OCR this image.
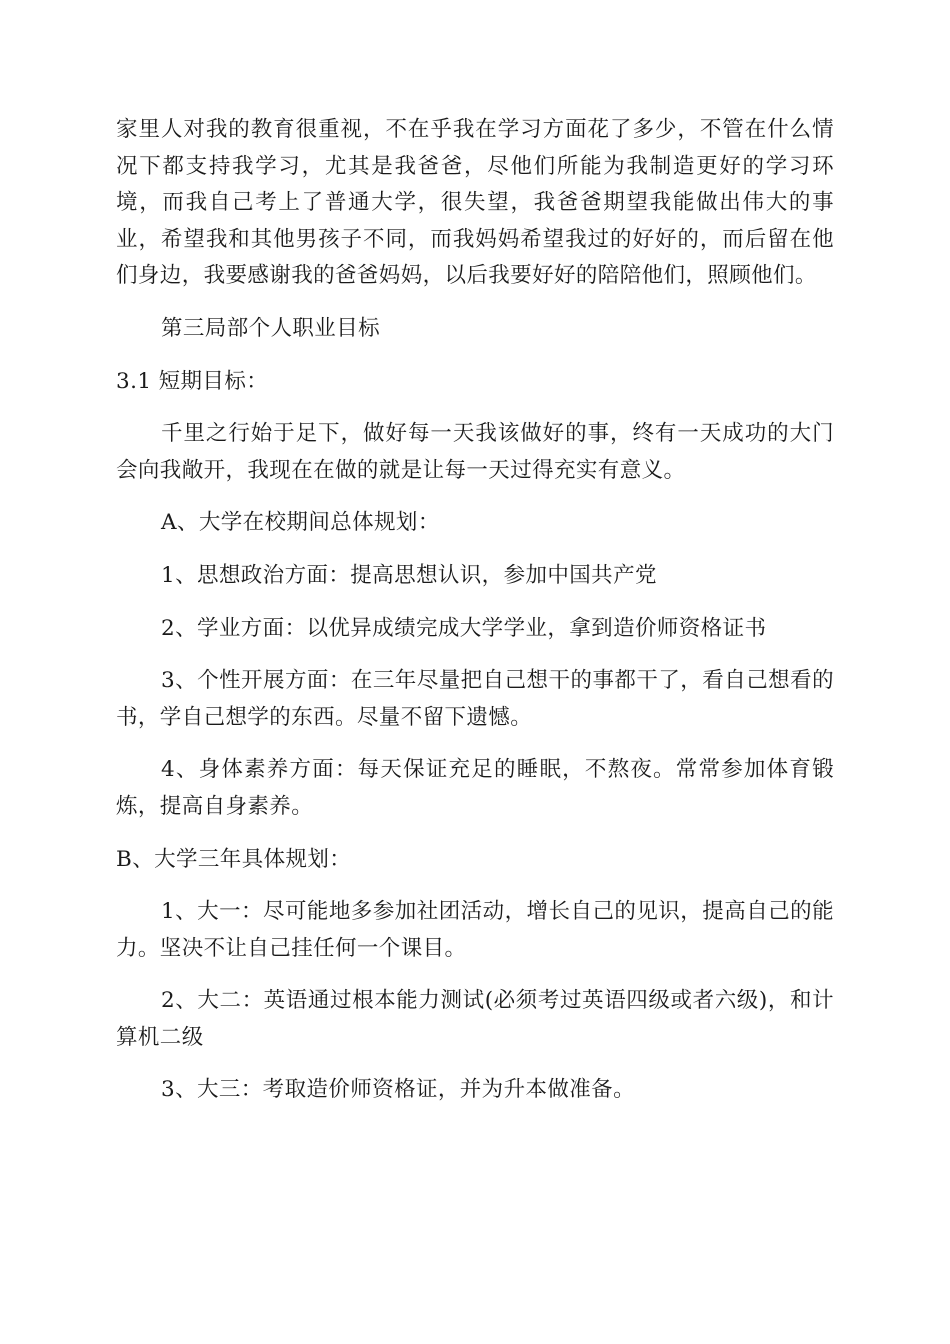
家里人对我的教育很重视，不在乎我在学习方面花了多少，不管在什么情况下都支持我学习，尤其是我爸爸，尽他们所能为我制造更好的学习环境，而我自己考上了普通大学，很失望，我爸爸期望我能做出伟大的事业，希望我和其他男孩子不同，而我妈妈希望我过的好好的，而后留在他们身边，我要感谢我的爸爸妈妈，以后我要好好的陪陪他们，照顾他们。

第三局部个人职业目标

3.1 短期目标：

千里之行始于足下，做好每一天我该做好的事，终有一天成功的大门会向我敞开，我现在在做的就是让每一天过得充实有意义。

A、大学在校期间总体规划：

1、思想政治方面：提高思想认识，参加中国共产党

2、学业方面：以优异成绩完成大学学业，拿到造价师资格证书

3、个性开展方面：在三年尽量把自己想干的事都干了，看自己想看的书，学自己想学的东西。尽量不留下遗憾。

4、身体素养方面：每天保证充足的睡眠，不熬夜。常常参加体育锻炼，提高自身素养。

B、大学三年具体规划：

1、大一：尽可能地多参加社团活动，增长自己的见识，提高自己的能力。坚决不让自己挂任何一个课目。

2、大二：英语通过根本能力测试(必须考过英语四级或者六级)，和计算机二级

3、大三：考取造价师资格证，并为升本做准备。
